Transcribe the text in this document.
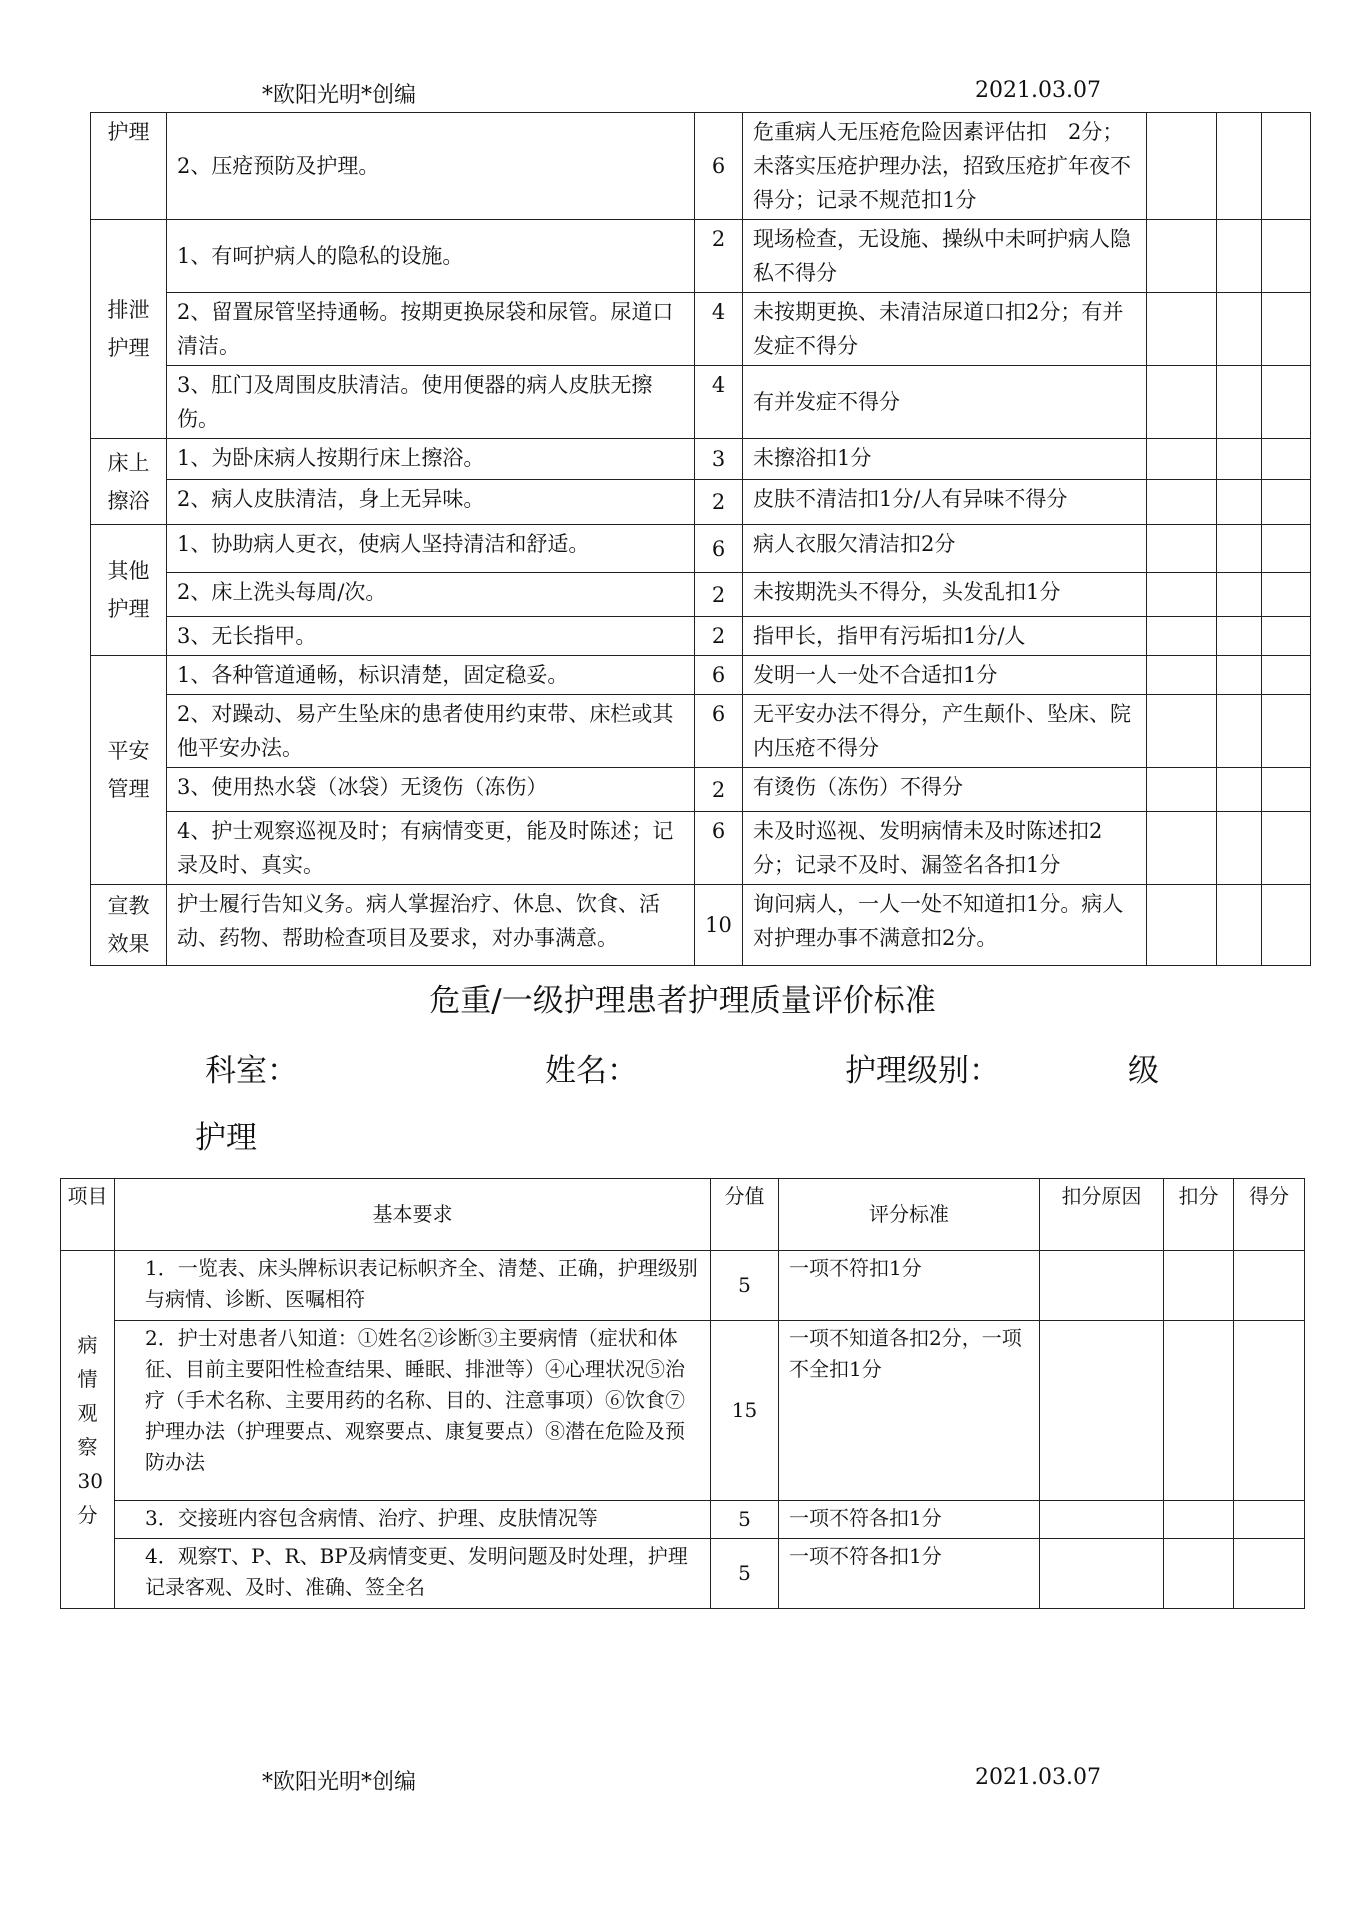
*欧阳光明*创编	2021.03.07
护理	2、压疮预防及护理。	6	危重病人无压疮危险因素评估扣　2分；未落实压疮护理办法，招致压疮扩年夜不得分；记录不规范扣1分			
排泄护理	1、有呵护病人的隐私的设施。	2	现场检查，无设施、操纵中未呵护病人隐私不得分			
	2、留置尿管坚持通畅。按期更换尿袋和尿管。尿道口清洁。	4	未按期更换、未清洁尿道口扣2分；有并发症不得分			
	3、肛门及周围皮肤清洁。使用便器的病人皮肤无擦伤。	4	有并发症不得分			
床上擦浴	1、为卧床病人按期行床上擦浴。	3	未擦浴扣1分			
	2、病人皮肤清洁，身上无异味。	2	皮肤不清洁扣1分/人有异味不得分			
其他护理	1、协助病人更衣，使病人坚持清洁和舒适。	6	病人衣服欠清洁扣2分			
	2、床上洗头每周/次。	2	未按期洗头不得分，头发乱扣1分			
	3、无长指甲。	2	指甲长，指甲有污垢扣1分/人			
平安管理	1、各种管道通畅，标识清楚，固定稳妥。	6	发明一人一处不合适扣1分			
	2、对躁动、易产生坠床的患者使用约束带、床栏或其他平安办法。	6	无平安办法不得分，产生颠仆、坠床、院内压疮不得分			
	3、使用热水袋（冰袋）无烫伤（冻伤）	2	有烫伤（冻伤）不得分			
	4、护士观察巡视及时；有病情变更，能及时陈述；记录及时、真实。	6	未及时巡视、发明病情未及时陈述扣2分；记录不及时、漏签名各扣1分			
宣教效果	护士履行告知义务。病人掌握治疗、休息、饮食、活动、药物、帮助检查项目及要求，对办事满意。	10	询问病人，一人一处不知道扣1分。病人对护理办事不满意扣2分。			
危重/一级护理患者护理质量评价标准
科室：	姓名：	护理级别：	级
护理
项目	基本要求	分值	评分标准	扣分原因	扣分	得分
病情观察30分	1．一览表、床头牌标识表记标帜齐全、清楚、正确，护理级别与病情、诊断、医嘱相符	5	一项不符扣1分			
	2．护士对患者八知道：①姓名②诊断③主要病情（症状和体征、目前主要阳性检查结果、睡眠、排泄等）④心理状况⑤治疗（手术名称、主要用药的名称、目的、注意事项）⑥饮食⑦护理办法（护理要点、观察要点、康复要点）⑧潜在危险及预防办法	15	一项不知道各扣2分，一项不全扣1分			
	3．交接班内容包含病情、治疗、护理、皮肤情况等	5	一项不符各扣1分			
	4．观察T、P、R、BP及病情变更、发明问题及时处理，护理记录客观、及时、准确、签全名	5	一项不符各扣1分			
*欧阳光明*创编	2021.03.07
